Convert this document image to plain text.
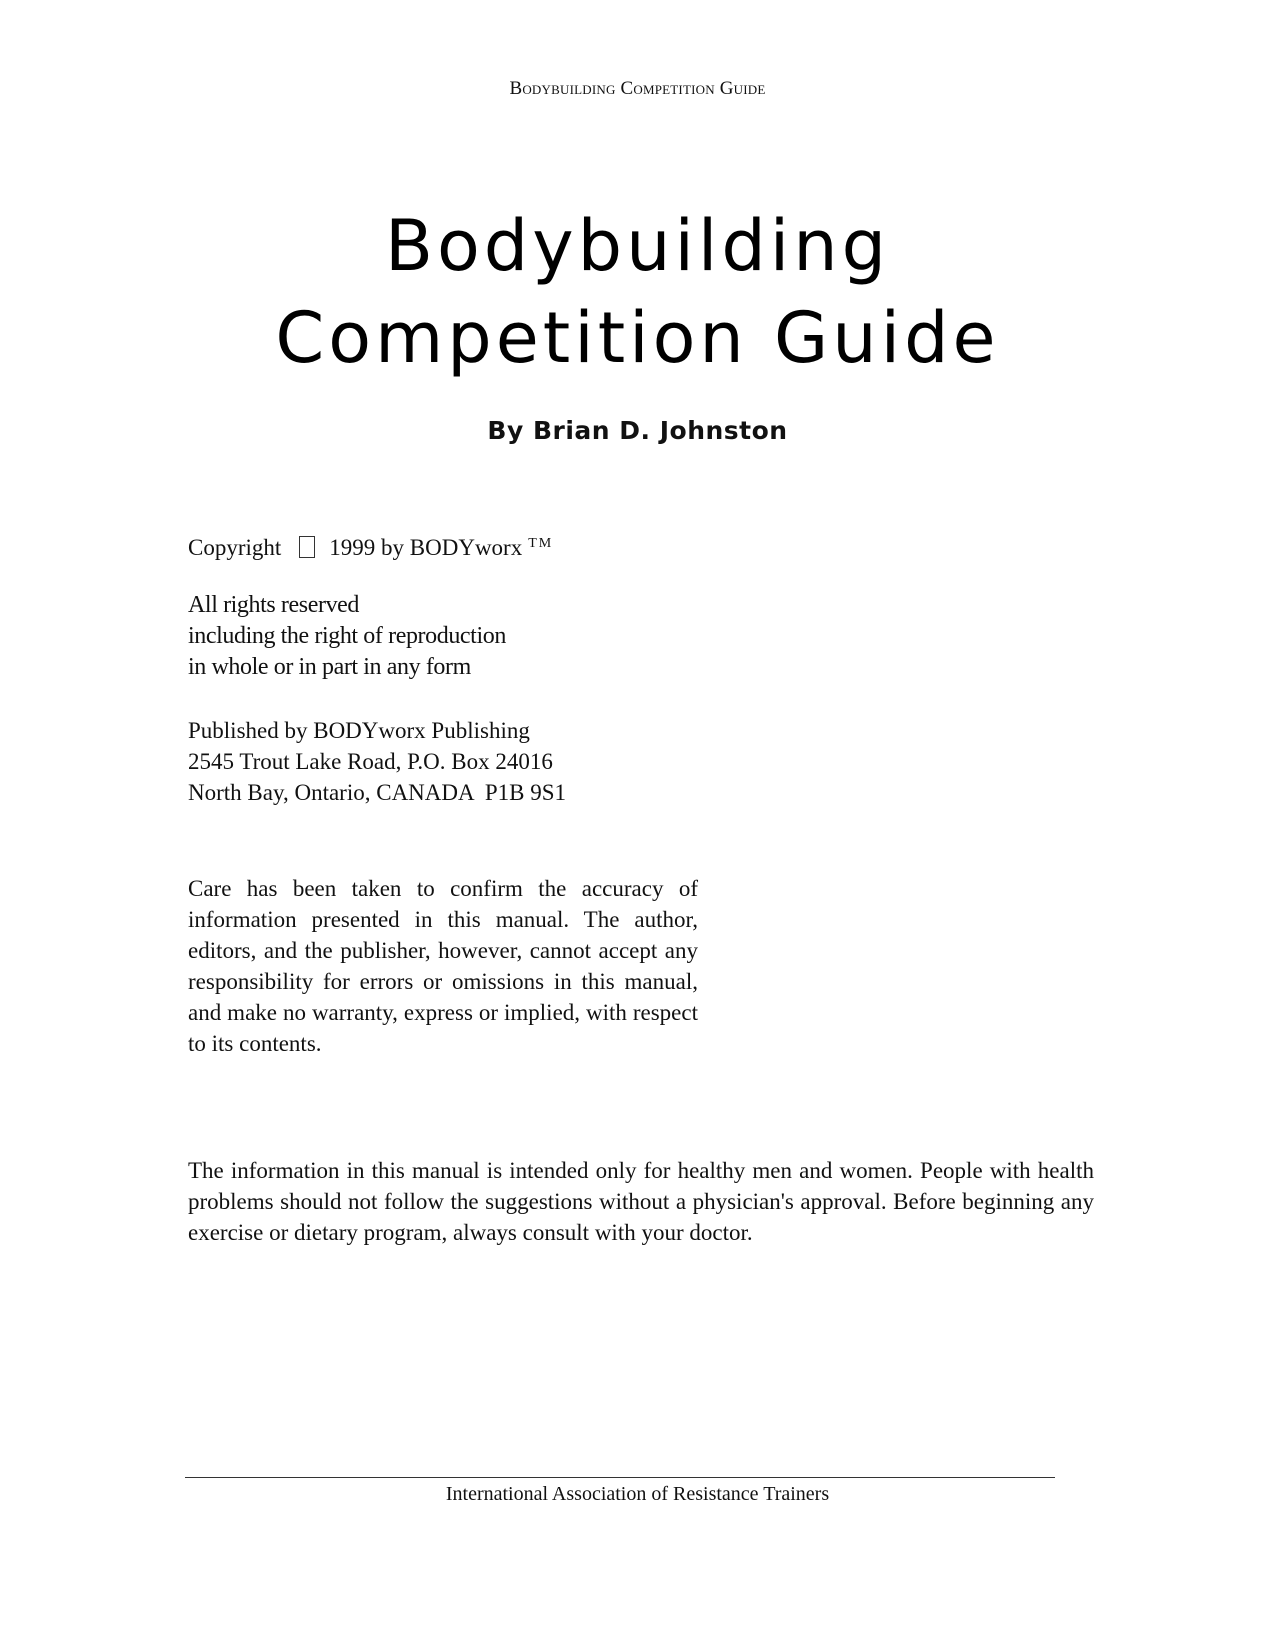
Bodybuilding Competition Guide
Bodybuilding
Competition Guide
By Brian D. Johnston
Copyright 1999 by BODYworx ™
All rights reserved
including the right of reproduction
in whole or in part in any form
Published by BODYworx Publishing
2545 Trout Lake Road, P.O. Box 24016
North Bay, Ontario, CANADA  P1B 9S1
Care has been taken to confirm the accuracy of information presented in this manual. The author, editors, and the publisher, however, cannot accept any responsibility for errors or omissions in this manual, and make no warranty, express or implied, with respect to its contents.
The information in this manual is intended only for healthy men and women. People with health problems should not follow the suggestions without a physician's approval. Before beginning any exercise or dietary program, always consult with your doctor.
International Association of Resistance Trainers
